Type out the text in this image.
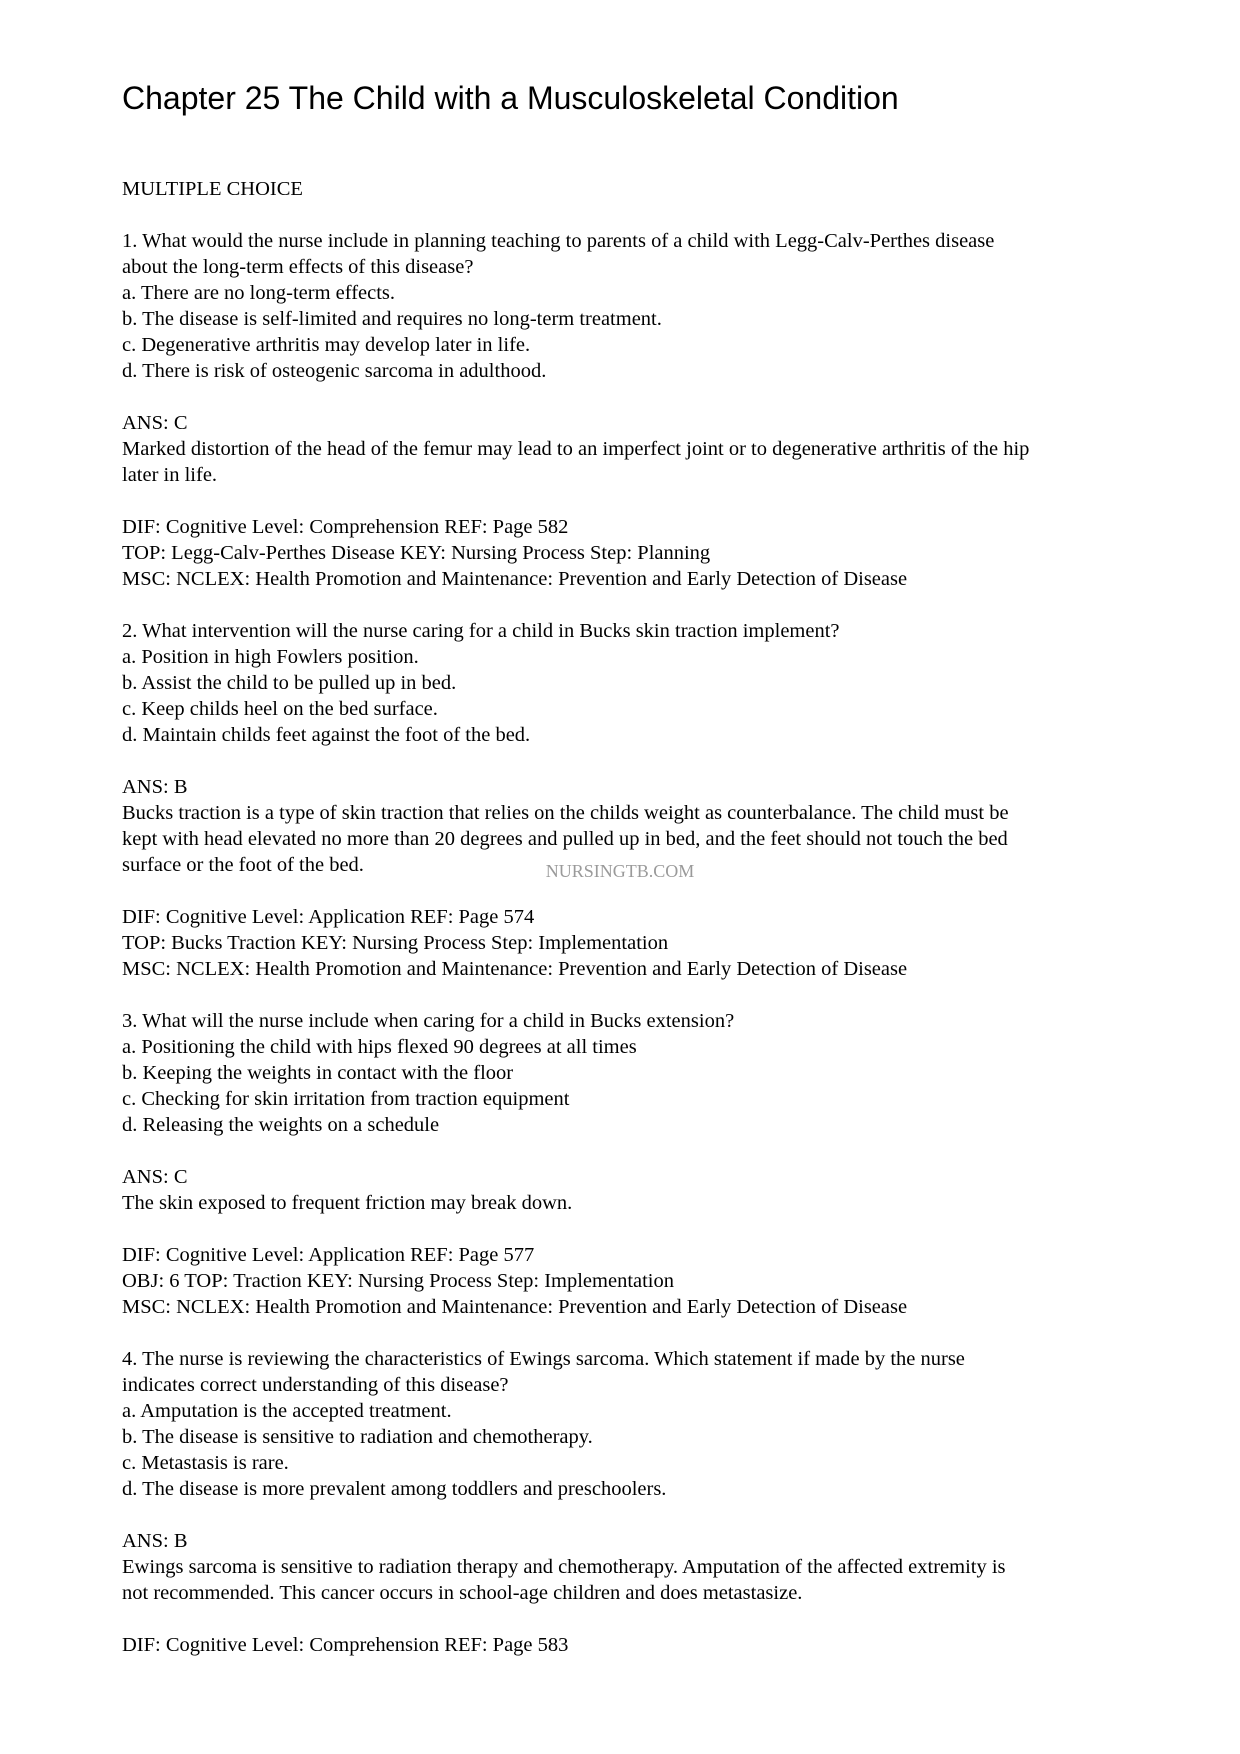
Chapter 25 The Child with a Musculoskeletal Condition

MULTIPLE CHOICE

1. What would the nurse include in planning teaching to parents of a child with Legg-Calv-Perthes disease
about the long-term effects of this disease?
a. There are no long-term effects.
b. The disease is self-limited and requires no long-term treatment.
c. Degenerative arthritis may develop later in life.
d. There is risk of osteogenic sarcoma in adulthood.
ANS: C
Marked distortion of the head of the femur may lead to an imperfect joint or to degenerative arthritis of the hip
later in life.
DIF: Cognitive Level: Comprehension REF: Page 582
TOP: Legg-Calv-Perthes Disease KEY: Nursing Process Step: Planning
MSC: NCLEX: Health Promotion and Maintenance: Prevention and Early Detection of Disease
2. What intervention will the nurse caring for a child in Bucks skin traction implement?
a. Position in high Fowlers position.
b. Assist the child to be pulled up in bed.
c. Keep childs heel on the bed surface.
d. Maintain childs feet against the foot of the bed.
ANS: B
Bucks traction is a type of skin traction that relies on the childs weight as counterbalance. The child must be
kept with head elevated no more than 20 degrees and pulled up in bed, and the feet should not touch the bed
surface or the foot of the bed.
DIF: Cognitive Level: Application REF: Page 574
TOP: Bucks Traction KEY: Nursing Process Step: Implementation
MSC: NCLEX: Health Promotion and Maintenance: Prevention and Early Detection of Disease
3. What will the nurse include when caring for a child in Bucks extension?
a. Positioning the child with hips flexed 90 degrees at all times
b. Keeping the weights in contact with the floor
c. Checking for skin irritation from traction equipment
d. Releasing the weights on a schedule
ANS: C
The skin exposed to frequent friction may break down.
DIF: Cognitive Level: Application REF: Page 577
OBJ: 6 TOP: Traction KEY: Nursing Process Step: Implementation
MSC: NCLEX: Health Promotion and Maintenance: Prevention and Early Detection of Disease
4. The nurse is reviewing the characteristics of Ewings sarcoma. Which statement if made by the nurse
indicates correct understanding of this disease?
a. Amputation is the accepted treatment.
b. The disease is sensitive to radiation and chemotherapy.
c. Metastasis is rare.
d. The disease is more prevalent among toddlers and preschoolers.
ANS: B
Ewings sarcoma is sensitive to radiation therapy and chemotherapy. Amputation of the affected extremity is
not recommended. This cancer occurs in school-age children and does metastasize.
DIF: Cognitive Level: Comprehension REF: Page 583
NURSINGTB.COM
